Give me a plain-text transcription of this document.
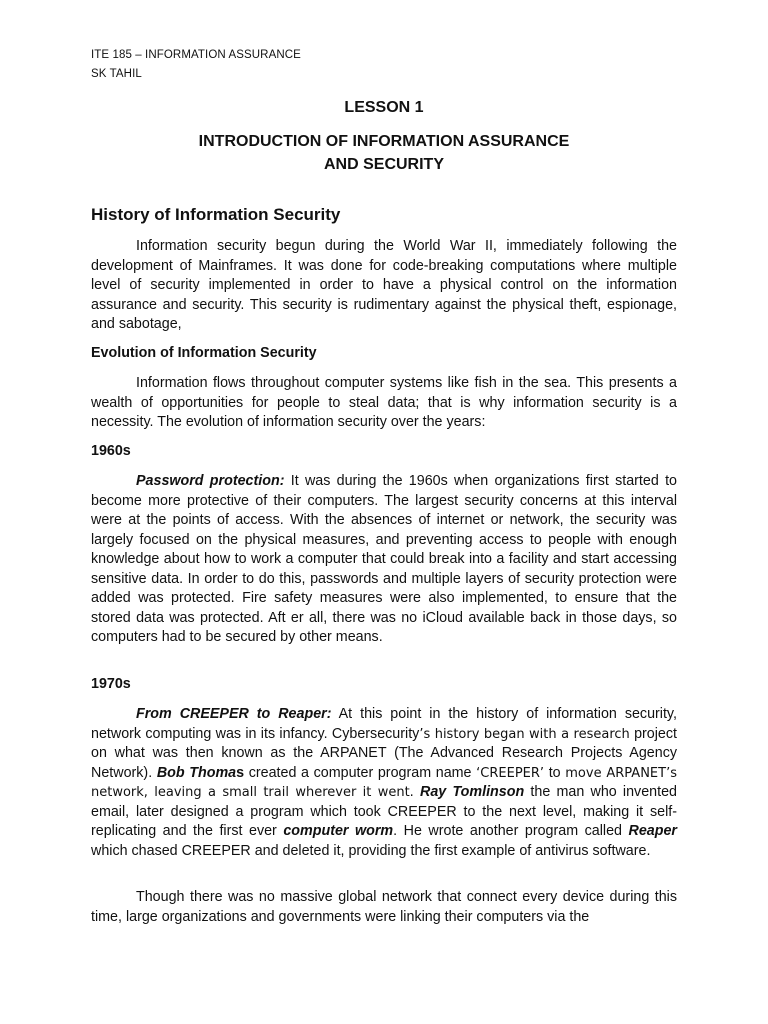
ITE 185 – INFORMATION ASSURANCE
SK TAHIL
LESSON 1
INTRODUCTION OF INFORMATION ASSURANCE
AND SECURITY
History of Information Security

Information security begun during the World War II, immediately following the development of Mainframes. It was done for code-breaking computations where multiple level of security implemented in order to have a physical control on the information assurance and security. This security is rudimentary against the physical theft, espionage, and sabotage,

Evolution of Information Security

Information flows throughout computer systems like fish in the sea. This presents a wealth of opportunities for people to steal data; that is why information security is a necessity. The evolution of information security over the years:

1960s

Password protection: It was during the 1960s when organizations first started to become more protective of their computers. The largest security concerns at this interval were at the points of access. With the absences of internet or network, the security was largely focused on the physical measures, and preventing access to people with enough knowledge about how to work a computer that could break into a facility and start accessing sensitive data. In order to do this, passwords and multiple layers of security protection were added was protected. Fire safety measures were also implemented, to ensure that the stored data was protected. Aft er all, there was no iCloud available back in those days, so computers had to be secured by other means.

1970s

From CREEPER to Reaper: At this point in the history of information security, network computing was in its infancy. Cybersecurity’s history began with a research project on what was then known as the ARPANET (The Advanced Research Projects Agency Network). Bob Thomas created a computer program name ‘CREEPER’ to move ARPANET’s network, leaving a small trail wherever it went. Ray Tomlinson the man who invented email, later designed a program which took CREEPER to the next level, making it self-replicating and the first ever computer worm. He wrote another program called Reaper which chased CREEPER and deleted it, providing the first example of antivirus software.

Though there was no massive global network that connect every device during this time, large organizations and governments were linking their computers via the
